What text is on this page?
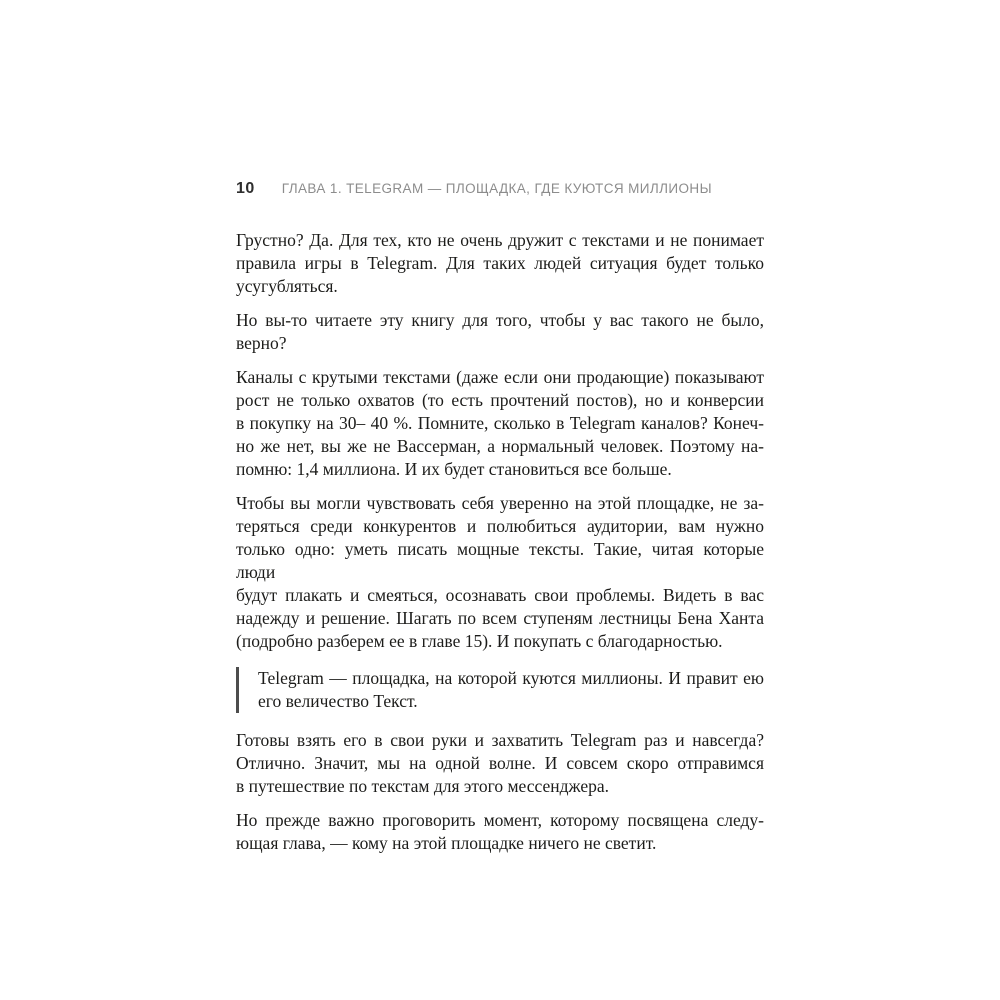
10 ГЛАВА 1. TELEGRAM — ПЛОЩАДКА, ГДЕ КУЮТСЯ МИЛЛИОНЫ
Грустно? Да. Для тех, кто не очень дружит с текстами и не понимает
правила игры в Telegram. Для таких людей ситуация будет только
усугубляться.
Но вы-то читаете эту книгу для того, чтобы у вас такого не было,
верно?
Каналы с крутыми текстами (даже если они продающие) показывают
рост не только охватов (то есть прочтений постов), но и конверсии
в покупку на 30– 40 %. Помните, сколько в Telegram каналов? Конеч-
но же нет, вы же не Вассерман, а нормальный человек. Поэтому на-
помню: 1,4 миллиона. И их будет становиться все больше.
Чтобы вы могли чувствовать себя уверенно на этой площадке, не за-
теряться среди конкурентов и полюбиться аудитории, вам нужно
только одно: уметь писать мощные тексты. Такие, читая которые люди
будут плакать и смеяться, осознавать свои проблемы. Видеть в вас
надежду и решение. Шагать по всем ступеням лестницы Бена Ханта
(подробно разберем ее в главе 15). И покупать с благодарностью.
Telegram — площадка, на которой куются миллионы. И правит ею
его величество Текст.
Готовы взять его в свои руки и захватить Telegram раз и навсегда?
Отлично. Значит, мы на одной волне. И совсем скоро отправимся
в путешествие по текстам для этого мессенджера.
Но прежде важно проговорить момент, которому посвящена следу-
ющая глава, — кому на этой площадке ничего не светит.
